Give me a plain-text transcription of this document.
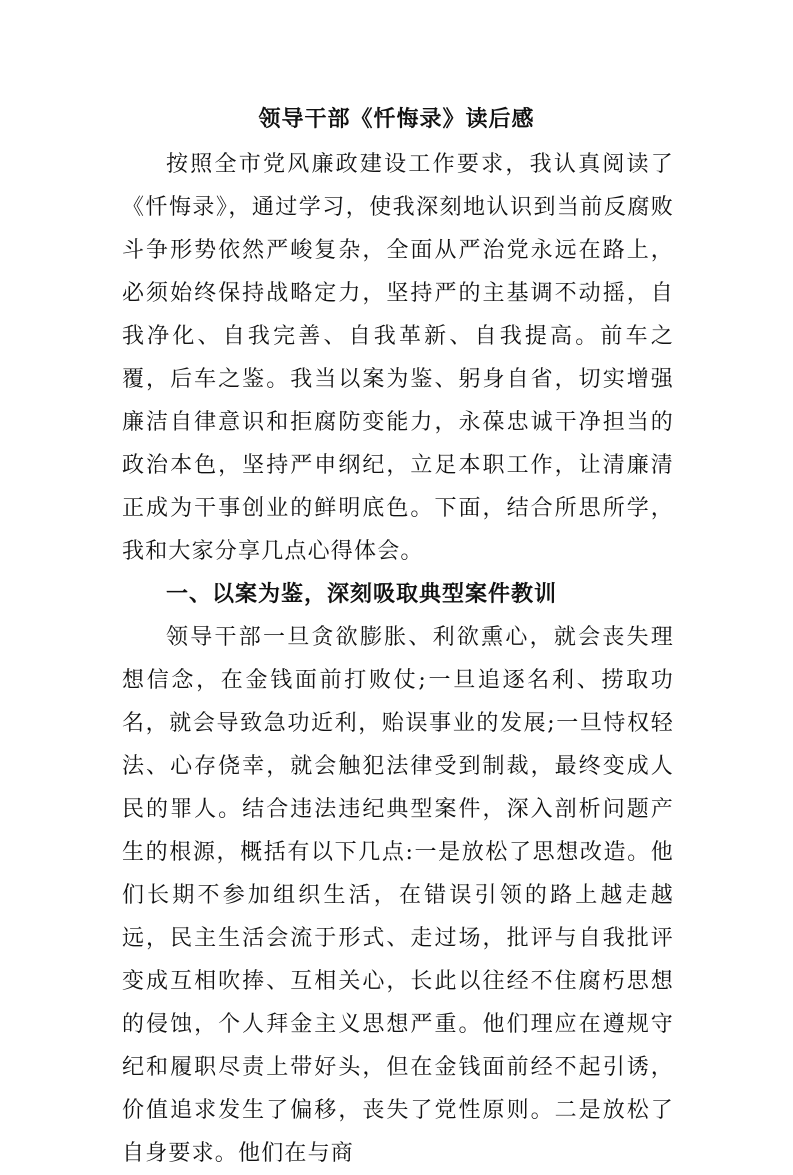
领导干部《忏悔录》读后感

按照全市党风廉政建设工作要求，我认真阅读了《忏悔录》，通过学习，使我深刻地认识到当前反腐败斗争形势依然严峻复杂，全面从严治党永远在路上，必须始终保持战略定力，坚持严的主基调不动摇，自我净化、自我完善、自我革新、自我提高。前车之覆，后车之鉴。我当以案为鉴、躬身自省，切实增强廉洁自律意识和拒腐防变能力，永葆忠诚干净担当的政治本色，坚持严申纲纪，立足本职工作，让清廉清正成为干事创业的鲜明底色。下面，结合所思所学，我和大家分享几点心得体会。

一、以案为鉴，深刻吸取典型案件教训

领导干部一旦贪欲膨胀、利欲熏心，就会丧失理想信念，在金钱面前打败仗;一旦追逐名利、捞取功名，就会导致急功近利，贻误事业的发展;一旦恃权轻法、心存侥幸，就会触犯法律受到制裁，最终变成人民的罪人。结合违法违纪典型案件，深入剖析问题产生的根源，概括有以下几点:一是放松了思想改造。他们长期不参加组织生活，在错误引领的路上越走越远，民主生活会流于形式、走过场，批评与自我批评变成互相吹捧、互相关心，长此以往经不住腐朽思想的侵蚀，个人拜金主义思想严重。他们理应在遵规守纪和履职尽责上带好头，但在金钱面前经不起引诱，价值追求发生了偏移，丧失了党性原则。二是放松了自身要求。他们在与商
